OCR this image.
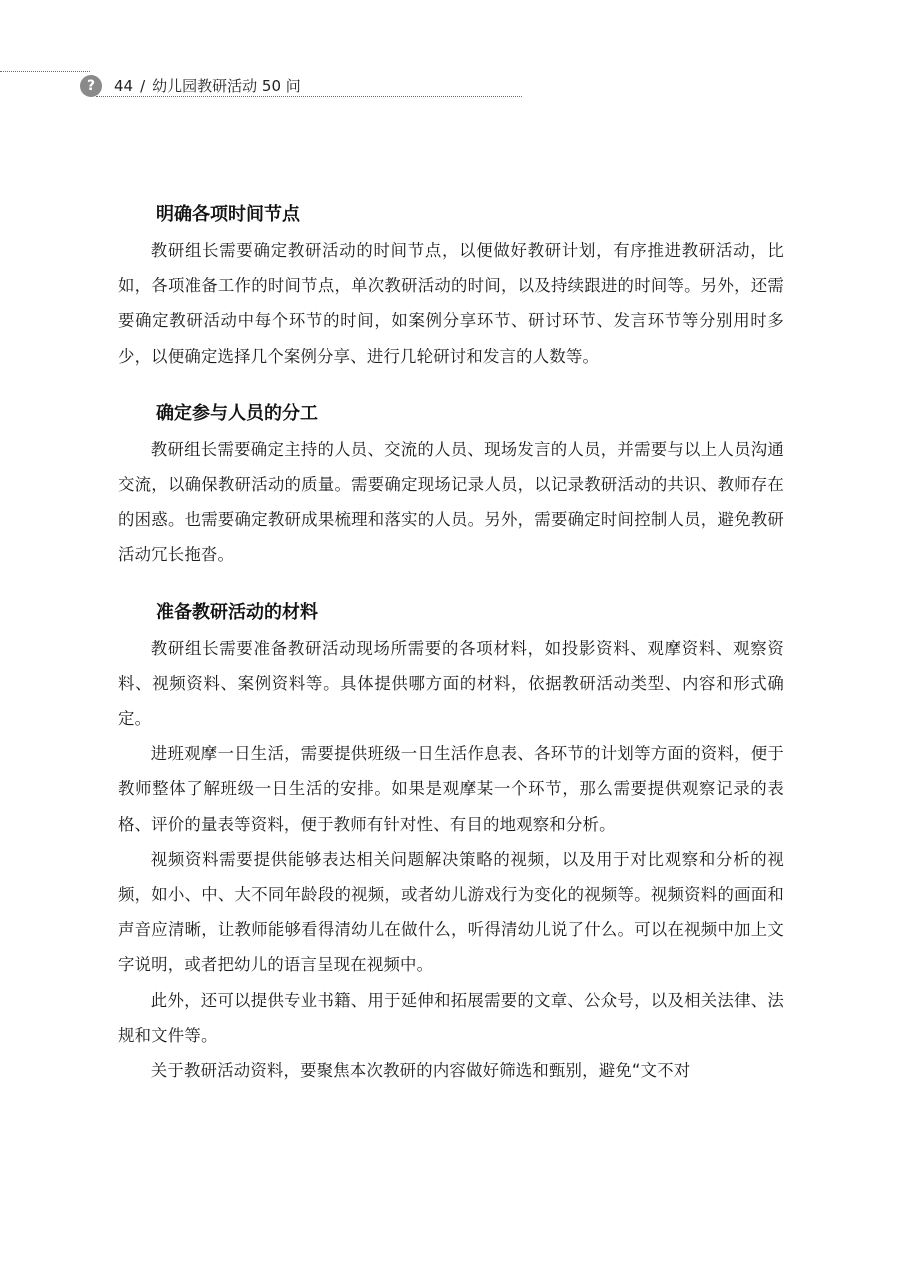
?	44 / 幼儿园教研活动 50 问
明确各项时间节点

教研组长需要确定教研活动的时间节点，以便做好教研计划，有序推进教研活动，比如，各项准备工作的时间节点，单次教研活动的时间，以及持续跟进的时间等。另外，还需要确定教研活动中每个环节的时间，如案例分享环节、研讨环节、发言环节等分别用时多少，以便确定选择几个案例分享、进行几轮研讨和发言的人数等。

确定参与人员的分工

教研组长需要确定主持的人员、交流的人员、现场发言的人员，并需要与以上人员沟通交流，以确保教研活动的质量。需要确定现场记录人员，以记录教研活动的共识、教师存在的困惑。也需要确定教研成果梳理和落实的人员。另外，需要确定时间控制人员，避免教研活动冗长拖沓。

准备教研活动的材料

教研组长需要准备教研活动现场所需要的各项材料，如投影资料、观摩资料、观察资料、视频资料、案例资料等。具体提供哪方面的材料，依据教研活动类型、内容和形式确定。

进班观摩一日生活，需要提供班级一日生活作息表、各环节的计划等方面的资料，便于教师整体了解班级一日生活的安排。如果是观摩某一个环节，那么需要提供观察记录的表格、评价的量表等资料，便于教师有针对性、有目的地观察和分析。

视频资料需要提供能够表达相关问题解决策略的视频，以及用于对比观察和分析的视频，如小、中、大不同年龄段的视频，或者幼儿游戏行为变化的视频等。视频资料的画面和声音应清晰，让教师能够看得清幼儿在做什么，听得清幼儿说了什么。可以在视频中加上文字说明，或者把幼儿的语言呈现在视频中。

此外，还可以提供专业书籍、用于延伸和拓展需要的文章、公众号，以及相关法律、法规和文件等。

关于教研活动资料，要聚焦本次教研的内容做好筛选和甄别，避免“文不对
